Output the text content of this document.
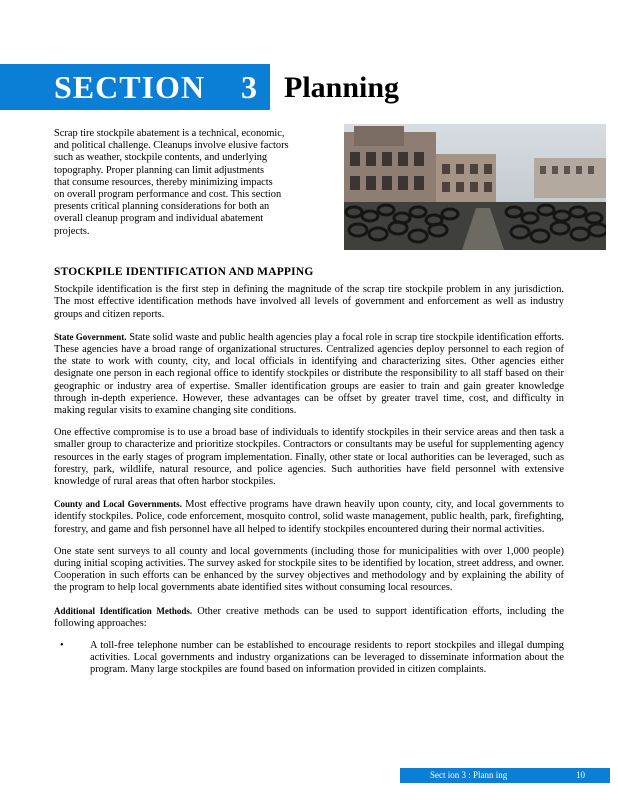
SECTION    3 Planning
Scrap tire stockpile abatement is a technical, economic,
and political challenge. Cleanups involve elusive factors
such as weather, stockpile contents, and underlying
topography. Proper planning can limit adjustments
that consume resources, thereby minimizing impacts
on overall program performance and cost. This section
presents critical planning considerations for both an
overall cleanup program and individual abatement
projects.
STOCKPILE IDENTIFICATION AND MAPPING

Stockpile identification is the first step in defining the magnitude of the scrap tire stockpile problem in any jurisdiction. The most effective identification methods have involved all levels of government and enforcement as well as industry groups and citizen reports.

State Government. State solid waste and public health agencies play a focal role in scrap tire stockpile identification efforts. These agencies have a broad range of organizational structures. Centralized agencies deploy personnel to each region of the state to work with county, city, and local officials in identifying and characterizing sites. Other agencies either designate one person in each regional office to identify stockpiles or distribute the responsibility to all staff based on their geographic or industry area of expertise. Smaller identification groups are easier to train and gain greater knowledge through in-depth experience. However, these advantages can be offset by greater travel time, cost, and difficulty in making regular visits to examine changing site conditions.

One effective compromise is to use a broad base of individuals to identify stockpiles in their service areas and then task a smaller group to characterize and prioritize stockpiles. Contractors or consultants may be useful for supplementing agency resources in the early stages of program implementation. Finally, other state or local authorities can be leveraged, such as forestry, park, wildlife, natural resource, and police agencies. Such authorities have field personnel with extensive knowledge of rural areas that often harbor stockpiles.

County and Local Governments. Most effective programs have drawn heavily upon county, city, and local governments to identify stockpiles. Police, code enforcement, mosquito control, solid waste management, public health, park, firefighting, forestry, and game and fish personnel have all helped to identify stockpiles encountered during their normal activities.

One state sent surveys to all county and local governments (including those for municipalities with over 1,000 people) during initial scoping activities. The survey asked for stockpile sites to be identified by location, street address, and owner. Cooperation in such efforts can be enhanced by the survey objectives and methodology and by explaining the ability of the program to help local governments abate identified sites without consuming local resources.

Additional Identification Methods. Other creative methods can be used to support identification efforts, including the following approaches:

•	A toll-free telephone number can be established to encourage residents to report stockpiles and illegal dumping activities. Local governments and industry organizations can be leveraged to disseminate information about the program. Many large stockpiles are found based on information provided in citizen complaints.
Sect ion 3 : Plann ing	10
